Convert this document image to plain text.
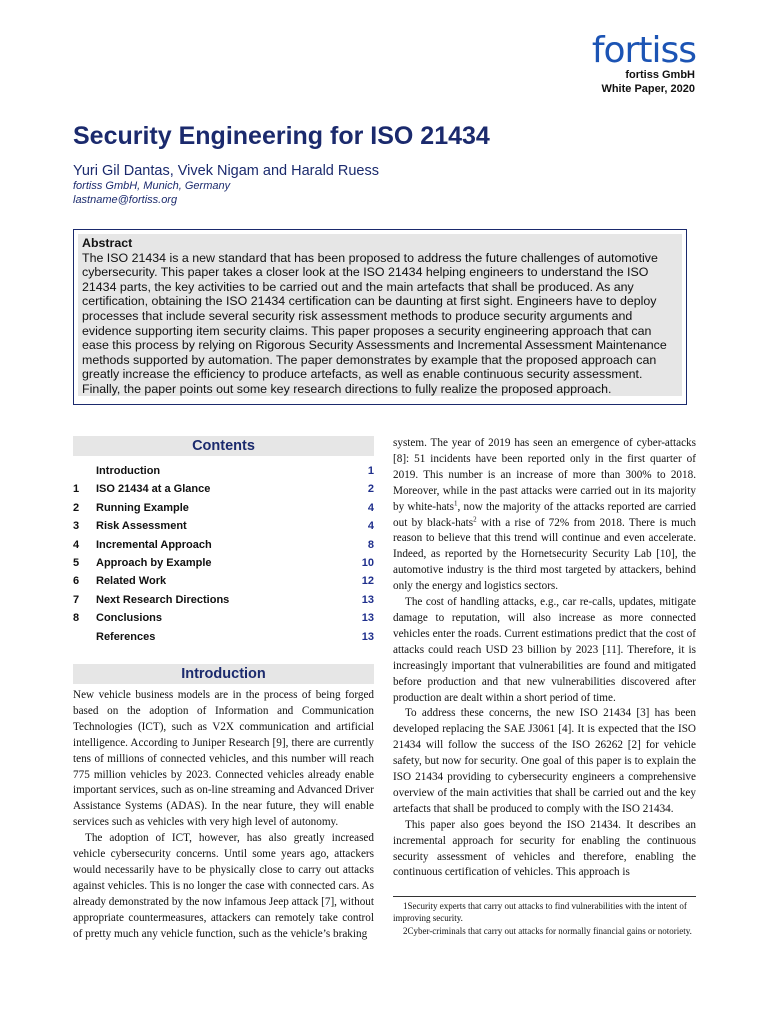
fortiss
fortiss GmbH
White Paper, 2020
Security Engineering for ISO 21434
Yuri Gil Dantas, Vivek Nigam and Harald Ruess
fortiss GmbH, Munich, Germany
lastname@fortiss.org
Abstract
The ISO 21434 is a new standard that has been proposed to address the future challenges of automotive cybersecurity. This paper takes a closer look at the ISO 21434 helping engineers to understand the ISO 21434 parts, the key activities to be carried out and the main artefacts that shall be produced. As any certification, obtaining the ISO 21434 certification can be daunting at first sight. Engineers have to deploy processes that include several security risk assessment methods to produce security arguments and evidence supporting item security claims. This paper proposes a security engineering approach that can ease this process by relying on Rigorous Security Assessments and Incremental Assessment Maintenance methods supported by automation. The paper demonstrates by example that the proposed approach can greatly increase the efficiency to produce artefacts, as well as enable continuous security assessment. Finally, the paper points out some key research directions to fully realize the proposed approach.
Contents
Introduction	1
1 ISO 21434 at a Glance	2
2 Running Example	4
3 Risk Assessment	4
4 Incremental Approach	8
5 Approach by Example	10
6 Related Work	12
7 Next Research Directions	13
8 Conclusions	13
References	13
Introduction

New vehicle business models are in the process of being forged based on the adoption of Information and Communication Technologies (ICT), such as V2X communication and artificial intelligence. According to Juniper Research [9], there are currently tens of millions of connected vehicles, and this number will reach 775 million vehicles by 2023. Connected vehicles already enable important services, such as on-line streaming and Advanced Driver Assistance Systems (ADAS). In the near future, they will enable services such as vehicles with very high level of autonomy.

The adoption of ICT, however, has also greatly increased vehicle cybersecurity concerns. Until some years ago, attackers would necessarily have to be physically close to carry out attacks against vehicles. This is no longer the case with connected cars. As already demonstrated by the now infamous Jeep attack [7], without appropriate countermeasures, attackers can remotely take control of pretty much any vehicle function, such as the vehicle’s braking

system. The year of 2019 has seen an emergence of cyber-attacks [8]: 51 incidents have been reported only in the first quarter of 2019. This number is an increase of more than 300% to 2018. Moreover, while in the past attacks were carried out in its majority by white-hats$^1$, now the majority of the attacks reported are carried out by black-hats$^2$ with a rise of 72% from 2018. There is much reason to believe that this trend will continue and even accelerate. Indeed, as reported by the Hornetsecurity Security Lab [10], the automotive industry is the third most targeted by attackers, behind only the energy and logistics sectors.

The cost of handling attacks, e.g., car re-calls, updates, mitigate damage to reputation, will also increase as more connected vehicles enter the roads. Current estimations predict that the cost of attacks could reach USD 23 billion by 2023 [11]. Therefore, it is increasingly important that vulnerabilities are found and mitigated before production and that new vulnerabilities discovered after production are dealt within a short period of time.

To address these concerns, the new ISO 21434 [3] has been developed replacing the SAE J3061 [4]. It is expected that the ISO 21434 will follow the success of the ISO 26262 [2] for vehicle safety, but now for security. One goal of this paper is to explain the ISO 21434 providing to cybersecurity engineers a comprehensive overview of the main activities that shall be carried out and the key artefacts that shall be produced to comply with the ISO 21434.

This paper also goes beyond the ISO 21434. It describes an incremental approach for security for enabling the continuous security assessment of vehicles and therefore, enabling the continuous certification of vehicles. This approach is

1Security experts that carry out attacks to find vulnerabilities with the intent of improving security.

2Cyber-criminals that carry out attacks for normally financial gains or notoriety.
